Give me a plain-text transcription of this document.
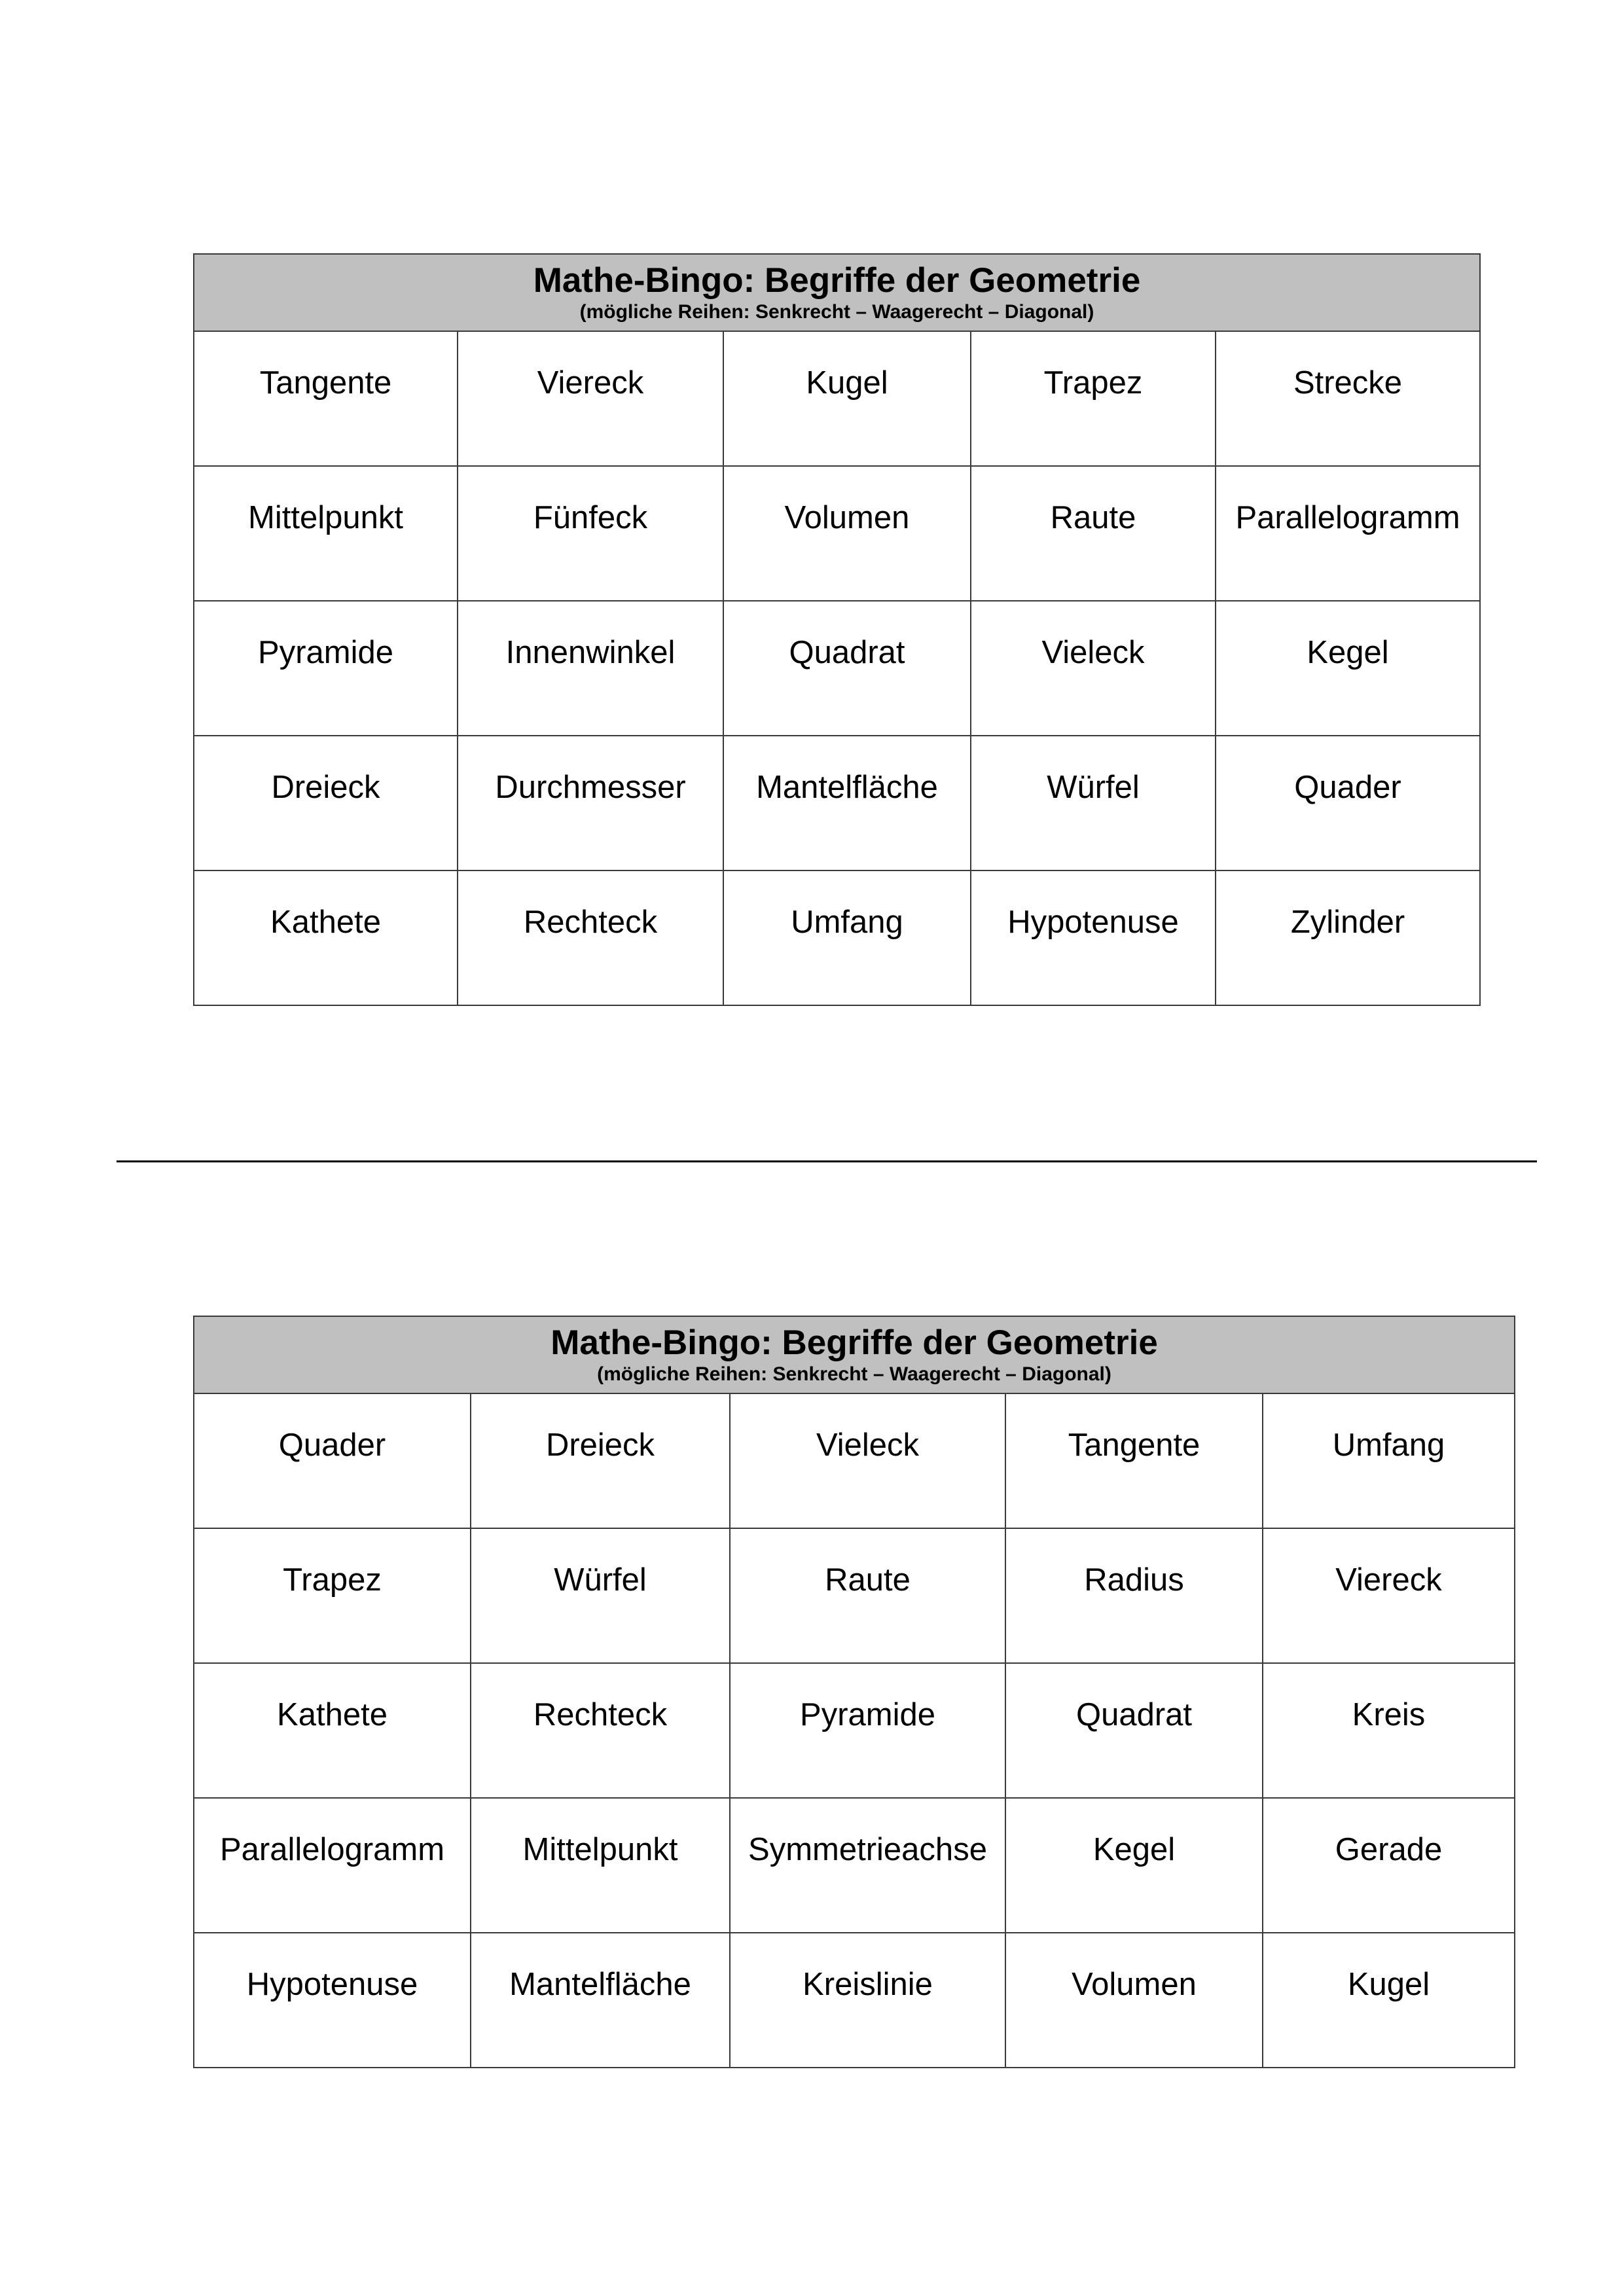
Mathe-Bingo: Begriffe der Geometrie
(mögliche Reihen: Senkrecht – Waagerecht – Diagonal)				

Tangente	Viereck	Kugel	Trapez	Strecke
Mittelpunkt	Fünfeck	Volumen	Raute	Parallelogramm
Pyramide	Innenwinkel	Quadrat	Vieleck	Kegel
Dreieck	Durchmesser	Mantelfläche	Würfel	Quader
Kathete	Rechteck	Umfang	Hypotenuse	Zylinder
Mathe-Bingo: Begriffe der Geometrie
(mögliche Reihen: Senkrecht – Waagerecht – Diagonal)				

Quader	Dreieck	Vieleck	Tangente	Umfang
Trapez	Würfel	Raute	Radius	Viereck
Kathete	Rechteck	Pyramide	Quadrat	Kreis
Parallelogramm	Mittelpunkt	Symmetrieachse	Kegel	Gerade
Hypotenuse	Mantelfläche	Kreislinie	Volumen	Kugel
